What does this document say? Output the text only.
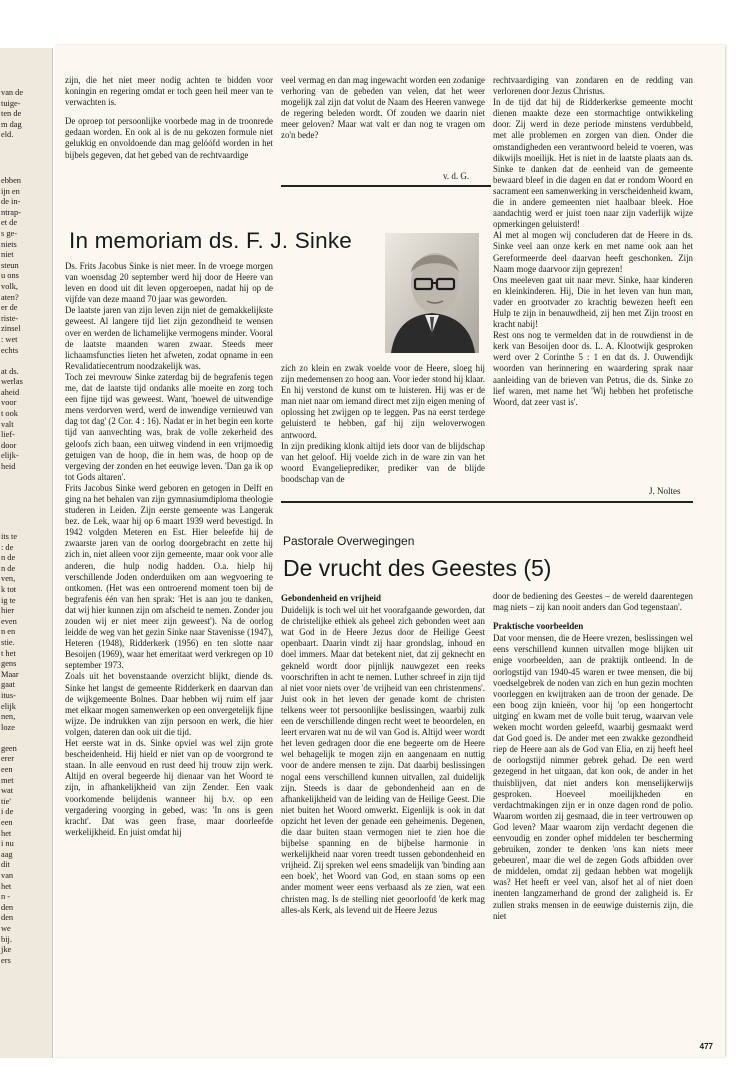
van de
tuige-
ten de
m dag
eld.
ebben
ijn en
de in-
ntrap-
et de
s ge-
niets
niet
steun
u ons
volk,
aten?
er de
riste-
zinsel
: wet
echts

at ds.
werlas
aheid
voor
t ook
valt
lief-
door
elijk-
heid
its te
: de
n de
n de
ven,
k tot
ig te
hier
even
n en
stie.
t het
gens
Maar
gaat
itus-
elijk
nen,
loze

geen
erer
een
met
wat
tie'
i de
een
het
i nu
aag
dit
van
het
n -
den
den
we
bij.
jke
ers

zijn, die het niet meer nodig achten te bidden voor koningin en regering omdat er toch geen heil meer van te verwachten is.

De oproep tot persoonlijke voorbede mag in de troonrede gedaan worden. En ook al is de nu gekozen formule niet gelukkig en onvoldoende dan mag gelóófd worden in het bijbels gegeven, dat het gebed van de rechtvaardige

veel vermag en dan mag ingewacht worden een zodanige verhoring van de gebeden van velen, dat het weer mogelijk zal zijn dat volut de Naam des Heeren vanwege de regering beleden wordt. Of zouden we daarin niet meer geloven? Maar wat valt er dan nog te vragen om zo'n bede?

v. d. G.
In memoriam ds. F. J. Sinke

Ds. Frits Jacobus Sinke is niet meer. In de vroege morgen van woensdag 20 september werd hij door de Heere van leven en dood uit dit leven opgeroepen, nadat hij op de vijfde van deze maand 70 jaar was geworden.

De laatste jaren van zijn leven zijn niet de gemakkelijkste geweest. Al langere tijd liet zijn gezondheid te wensen over en werden de lichamelijke vermogens minder. Vooral de laatste maanden waren zwaar. Steeds meer lichaamsfuncties lieten het afweten, zodat opname in een Revalidatiecentrum noodzakelijk was.

Toch zei mevrouw Sinke zaterdag bij de begrafenis tegen me, dat de laatste tijd ondanks alle moeite en zorg toch een fijne tijd was geweest. Want, 'hoewel de uitwendige mens verdorven werd, werd de inwendige vernieuwd van dag tot dag' (2 Cor. 4 : 16). Nadat er in het begin een korte tijd van aanvechting was, brak de volle zekerheid des geloofs zich baan, een uitweg vindend in een vrijmoedig getuigen van de hoop, die in hem was, de hoop op de vergeving der zonden en het eeuwige leven. 'Dan ga ik op tot Gods altaren'.

Frits Jacobus Sinke werd geboren en getogen in Delft en ging na het behalen van zijn gymnasiumdiploma theologie studeren in Leiden. Zijn eerste gemeente was Langerak bez. de Lek, waar hij op 6 maart 1939 werd bevestigd. In 1942 volgden Meteren en Est. Hier beleefde hij de zwaarste jaren van de oorlog doorgebracht en zette hij zich in, niet alleen voor zijn gemeente, maar ook voor alle anderen, die hulp nodig hadden. O.a. hielp hij verschillende Joden onderduiken om aan wegvoering te ontkomen. (Het was een ontroerend moment toen bij de begrafenis één van hen sprak: 'Het is aan jou te danken, dat wij hier kunnen zijn om afscheid te nemen. Zonder jou zouden wij er niet meer zijn geweest'). Na de oorlog leidde de weg van het gezin Sinke naar Stavenisse (1947), Heteren (1948), Ridderkerk (1956) en ten slotte naar Besoijen (1969), waar het emeritaat werd verkregen op 10 september 1973.

Zoals uit het bovenstaande overzicht blijkt, diende ds. Sinke het langst de gemeente Ridderkerk en daarvan dan de wijkgemeente Bolnes. Daar hebben wij ruim elf jaar met elkaar mogen samenwerken op een onvergetelijk fijne wijze. De indrukken van zijn persoon en werk, die hier volgen, dateren dan ook uit die tijd.

Het eerste wat in ds. Sinke opviel was wel zijn grote bescheidenheid. Hij hield er niet van op de voorgrond te staan. In alle eenvoud en rust deed hij trouw zijn werk. Altijd en overal begeerde hij dienaar van het Woord te zijn, in afhankelijkheid van zijn Zender. Een vaak voorkomende belijdenis wanneer hij b.v. op een vergadering voorging in gebed, was: 'In ons is geen kracht'. Dat was geen frase, maar doorleefde werkelijkheid. En juist omdat hij

zich zo klein en zwak voelde voor de Heere, sloeg hij zijn medemensen zo hoog aan. Voor ieder stond hij klaar. En hij verstond de kunst om te luisteren. Hij was er de man niet naar om iemand direct met zijn eigen mening of oplossing het zwijgen op te leggen. Pas na eerst terdege geluisterd te hebben, gaf hij zijn weloverwogen antwoord.

In zijn prediking klonk altijd iets door van de blijdschap van het geloof. Hij voelde zich in de ware zin van het woord Evangelieprediker, prediker van de blijde boodschap van de

rechtvaardiging van zondaren en de redding van verlorenen door Jezus Christus.

In de tijd dat hij de Ridderkerkse gemeente mocht dienen maakte deze een stormachtige ontwikkeling door. Zij werd in deze periode minstens verdubbeld, met alle problemen en zorgen van dien. Onder die omstandigheden een verantwoord beleid te voeren, was dikwijls moeilijk. Het is niet in de laatste plaats aan ds. Sinke te danken dat de eenheid van de gemeente bewaard bleef in die dagen en dat er rondom Woord en sacrament een samenwerking in verscheidenheid kwam, die in andere gemeenten niet haalbaar bleek. Hoe aandachtig werd er juist toen naar zijn vaderlijk wijze opmerkingen geluisterd!

Al met al mogen wij concluderen dat de Heere in ds. Sinke veel aan onze kerk en met name ook aan het Gereformeerde deel daarvan heeft geschonken. Zijn Naam moge daarvoor zijn geprezen!

Ons meeleven gaat uit naar mevr. Sinke, haar kinderen en kleinkinderen. Hij, Die in het leven van hun man, vader en grootvader zo krachtig bewezen heeft een Hulp te zijn in benauwdheid, zij hen met Zijn troost en kracht nabij!

Rest ons nog te vermelden dat in de rouwdienst in de kerk van Besoijen door ds. L. A. Klootwijk gesproken werd over 2 Corinthe 5 : 1 en dat ds. J. Ouwendijk woorden van herinnering en waardering sprak naar aanleiding van de brieven van Petrus, die ds. Sinke zo lief waren, met name het 'Wij hebben het profetische Woord, dat zeer vast is'.

J. Noltes
Pastorale Overwegingen
De vrucht des Geestes (5)
Gebondenheid en vrijheid

Duidelijk is toch wel uit het voorafgaande geworden, dat de christelijke ethiek als geheel zich gebonden weet aan wat God in de Heere Jezus door de Heilige Geest openbaart. Daarin vindt zij haar grondslag, inhoud en doel immers. Maar dat betekent niet, dat zij geknecht en gekneld wordt door pijnlijk nauwgezet een reeks voorschriften in acht te nemen. Luther schreef in zijn tijd al niet voor niets over 'de vrijheid van een christenmens'. Juist ook in het leven der genade komt de christen telkens weer tot persoonlijke beslissingen, waarbij zulk een de verschillende dingen recht weet te beoordelen, en leert ervaren wat nu de wil van God is. Altijd weer wordt het leven gedragen door die ene begeerte om de Heere wel behagelijk te mogen zijn en aangenaam en nuttig voor de andere mensen te zijn. Dat daarbij beslissingen nogal eens verschillend kunnen uitvallen, zal duidelijk zijn. Steeds is daar de gebondenheid aan en de afhankelijkheid van de leiding van de Heilige Geest. Die niet buiten het Woord omwerkt. Eigenlijk is ook in dat opzicht het leven der genade een geheimenis. Degenen, die daar buiten staan vermogen niet te zien hoe die bijbelse spanning en de bijbelse harmonie in werkelijkheid naar voren treedt tussen gebondenheid en vrijheid. Zij spreken wel eens smadelijk van 'binding aan een boek', het Woord van God, en staan soms op een ander moment weer eens verbaasd als ze zien, wat een christen mag. Is de stelling niet geoorloofd 'de kerk mag alles-als Kerk, als levend uit de Heere Jezus

door de bediening des Geestes – de wereld daarentegen mag niets – zij kan nooit anders dan God tegenstaan'.

Praktische voorbeelden

Dat voor mensen, die de Heere vrezen, beslissingen wel eens verschillend kunnen uitvallen moge blijken uit enige voorbeelden, aan de praktijk ontleend. In de oorlogstijd van 1940-45 waren er twee mensen, die bij voedselgebrek de noden van zich en hun gezin mochten voorleggen en kwijtraken aan de troon der genade. De een boog zijn knieën, voor hij 'op een hongertocht uitging' en kwam met de volle buit terug, waarvan vele weken mocht worden geleefd, waarbij gesmaakt werd dat God goed is. De ander met een zwakke gezondheid riep de Heere aan als de God van Elia, en zij heeft heel de oorlogstijd nimmer gebrek gehad. De een werd gezegend in het uitgaan, dat kon ook, de ander in het thuisblijven, dat niet anders kon menselijkerwijs gesproken. Hoeveel moeilijkheden en verdachtmakingen zijn er in onze dagen rond de polio. Waarom worden zij gesmaad, die in teer vertrouwen op God leven? Maar waarom zijn verdacht degenen die eenvoudig en zonder ophef middelen ter bescherming gebruiken, zonder te denken 'ons kan niets meer gebeuren', maar die wel de zegen Gods afbidden over de middelen, omdat zij gedaan hebben wat mogelijk was? Het heeft er veel van, alsof het al of niet doen inenten langzamerhand de grond der zaligheid is. Er zullen straks mensen in de eeuwige duisternis zijn, die niet

477
